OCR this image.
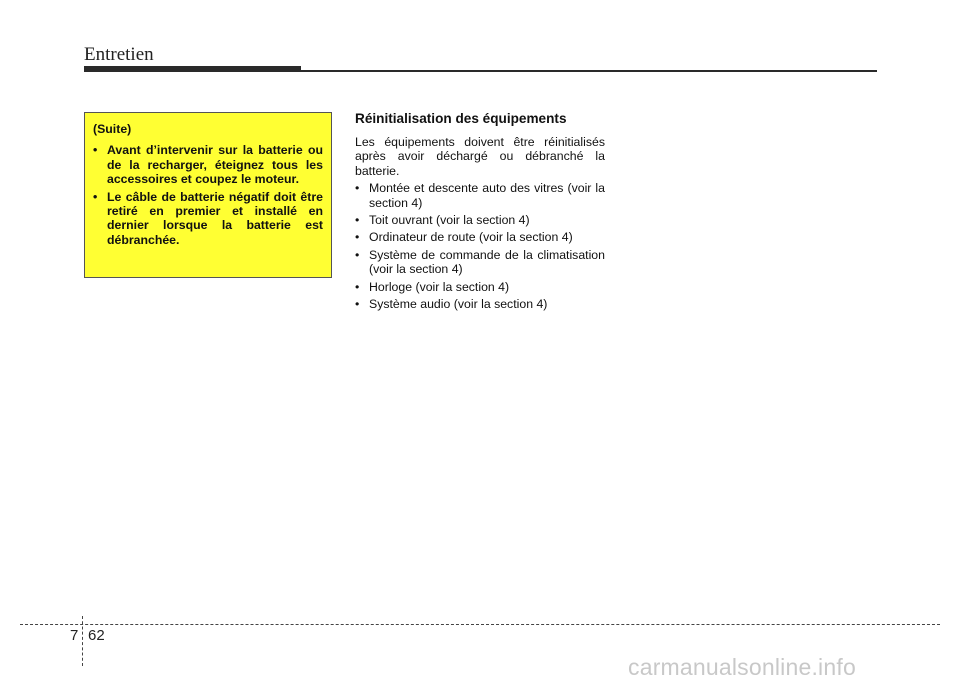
Entretien
(Suite)
• Avant d’intervenir sur la batterie ou de la recharger, éteignez tous les accessoires et coupez le moteur.
• Le câble de batterie négatif doit être retiré en premier et installé en dernier lorsque la batterie est débranchée.
Réinitialisation des équipements

Les équipements doivent être réinitialisés après avoir déchargé ou débranché la batterie.

• Montée et descente auto des vitres (voir la section 4)
• Toit ouvrant (voir la section 4)
• Ordinateur de route (voir la section 4)
• Système de commande de la climatisation (voir la section 4)
• Horloge (voir la section 4)
• Système audio (voir la section 4)
7 62
carmanualsonline.info
